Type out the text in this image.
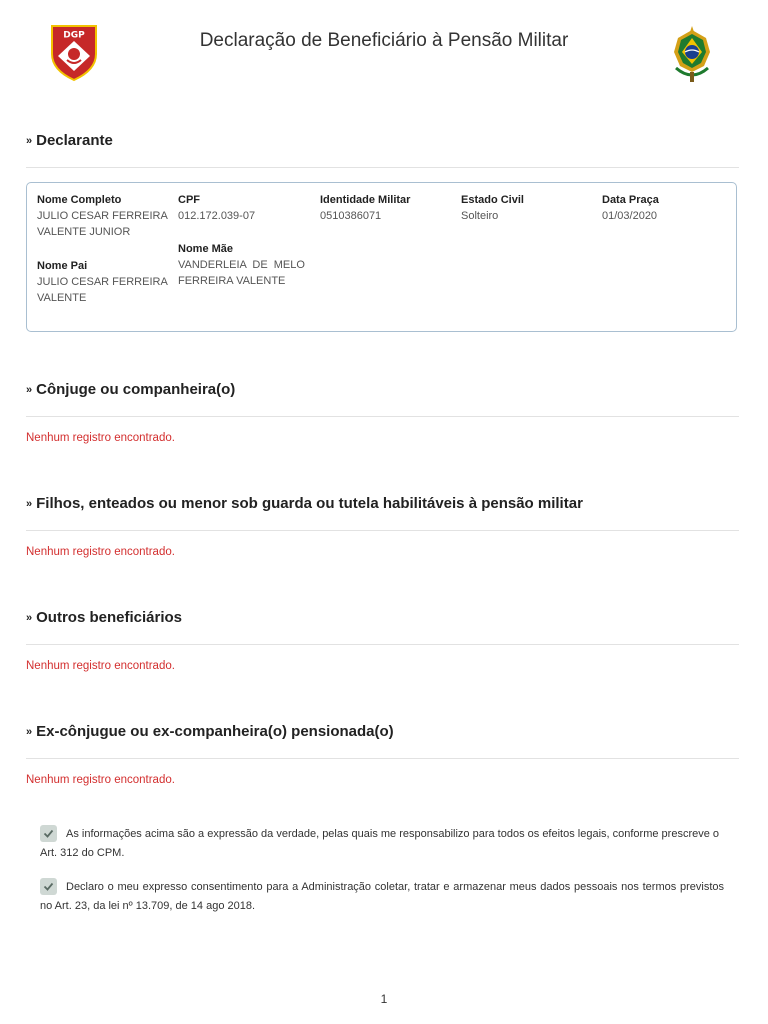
DGP	Declaração de Beneficiário à Pensão Militar
» Declarante
Nome Completo
JULIO CESAR FERREIRA
VALENTE JUNIOR
CPF
012.172.039-07
Identidade Militar
0510386071
Estado Civil
Solteiro
Data Praça
01/03/2020
Nome Mãe
VANDERLEIA  DE  MELO
FERREIRA VALENTE
Nome Pai
JULIO CESAR FERREIRA
VALENTE
» Cônjuge ou companheira(o)
Nenhum registro encontrado.
» Filhos, enteados ou menor sob guarda ou tutela habilitáveis à pensão militar
Nenhum registro encontrado.
» Outros beneficiários
Nenhum registro encontrado.
» Ex-cônjugue ou ex-companheira(o) pensionada(o)
Nenhum registro encontrado.
As informações acima são a expressão da verdade, pelas quais me responsabilizo para todos os efeitos legais, conforme prescreve o Art. 312 do CPM.
Declaro o meu expresso consentimento para a Administração coletar, tratar e armazenar meus dados pessoais nos termos previstos no Art. 23, da lei nº 13.709, de 14 ago 2018.
1
